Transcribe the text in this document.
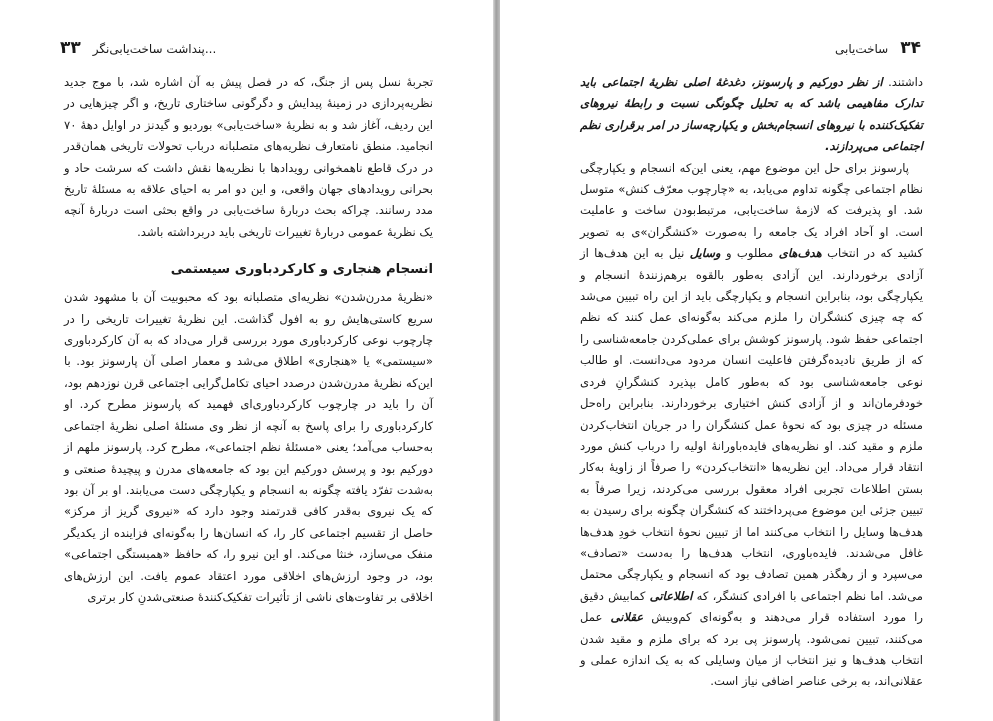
۳۳ پنداشت ساخت‌یابی‌نگر...

تجربهٔ نسل پس از جنگ، که در فصل پیش به آن اشاره شد، با موج جدید نظریه‌پردازی در زمینهٔ پیدایش و دگرگونی ساختاری تاریخ، و اگر چیزهایی در این ردیف، آغاز شد و به نظریهٔ «ساخت‌یابی» بوردیو و گیدنز در اوایل دههٔ ۷۰ انجامید. منطق نامتعارف نظریه‌های متصلبانه درباب تحولات تاریخی همان‌قدر در درک قاطع ناهمخوانی رویدادها با نظریه‌ها نقش داشت که سرشت حاد و بحرانی رویدادهای جهان واقعی، و این دو امر به احیای علاقه به مسئلهٔ تاریخ مدد رسانند. چراکه بحث دربارهٔ ساخت‌یابی در واقع بحثی است دربارهٔ آنچه یک نظریهٔ عمومی دربارهٔ تغییرات تاریخی باید دربرداشته باشد.

انسجام هنجاری و کارکردباوری سیستمی

«نظریهٔ مدرن‌شدن» نظریه‌ای متصلبانه بود که محبوبیت آن با مشهود شدن سریع کاستی‌هایش رو به افول گذاشت. این نظریهٔ تغییرات تاریخی را در چارچوب نوعی کارکردباوری مورد بررسی قرار می‌داد که به آن کارکردباوری «سیستمی» یا «هنجاری» اطلاق می‌شد و معمار اصلی آن پارسونز بود. با این‌که نظریهٔ مدرن‌شدن درصدد احیای تکامل‌گرایی اجتماعی قرن نوزدهم بود، آن را باید در چارچوب کارکردباوری‌ای فهمید که پارسونز مطرح کرد. او کارکردباوری را برای پاسخ به آنچه از نظر وی مسئلهٔ اصلی نظریهٔ اجتماعی به‌حساب می‌آمد؛ یعنی «مسئلهٔ نظم اجتماعی»، مطرح کرد. پارسونز ملهم از دورکیم بود و پرسش دورکیم این بود که جامعه‌های مدرن و پیچیدهٔ صنعتی و به‌شدت تفرّد یافته چگونه به انسجام و یکپارچگی دست می‌یابند. او بر آن بود که یک نیروی به‌قدر کافی قدرتمند وجود دارد که «نیروی گریز از مرکز» حاصل از تقسیم اجتماعی کار را، که انسان‌ها را به‌گونه‌ای فزاینده از یکدیگر منفک می‌سازد، خنثا می‌کند. او این نیرو را، که حافظ «همبستگی اجتماعی» بود، در وجود ارزش‌های اخلاقی مورد اعتقاد عموم یافت. این ارزش‌های اخلاقی بر تفاوت‌های ناشی از تأثیرات تفکیک‌کنندهٔ صنعتی‌شدنِ کار برتری

ساخت‌یابی ۳۴

داشتند. از نظر دورکیم و پارسونز، دغدغهٔ اصلی نظریهٔ اجتماعی باید تدارک مفاهیمی باشد که به تحلیل چگونگی نسبت و رابطهٔ نیروهای تفکیک‌کننده با نیروهای انسجام‌بخش و یکپارچه‌ساز در امر برقراری نظم اجتماعی می‌پردازند.

پارسونز برای حل این موضوع مهم، یعنی این‌که انسجام و یکپارچگی نظام اجتماعی چگونه تداوم می‌یابد، به «چارچوب معرّف کنش» متوسل شد. او پذیرفت که لازمهٔ ساخت‌یابی، مرتبط‌بودن ساخت و عاملیت است. او آحاد افراد یک جامعه را به‌صورت «کنشگران»ی به تصویر کشید که در انتخاب هدف‌های مطلوب و وسایل نیل به این هدف‌ها از آزادی برخوردارند. این آزادی به‌طور بالقوه برهم‌زنندهٔ انسجام و یکپارچگی بود، بنابراین انسجام و یکپارچگی باید از این راه تبیین می‌شد که چه چیزی کنشگران را ملزم می‌کند به‌گونه‌ای عمل کنند که نظم اجتماعی حفظ شود. پارسونز کوشش برای عملی‌کردن جامعه‌شناسی را که از طریق نادیده‌گرفتن فاعلیت انسان مردود می‌دانست. او طالب نوعی جامعه‌شناسی بود که به‌طور کامل بپذیرد کنشگرانِ فردی خودفرمان‌اند و از آزادی کنش اختیاری برخوردارند. بنابراین راه‌حل مسئله در چیزی بود که نحوهٔ عمل کنشگران را در جریان انتخاب‌کردن ملزم و مقید کند. او نظریه‌های فایده‌باورانهٔ اولیه را درباب کنش مورد انتقاد قرار می‌داد. این نظریه‌ها «انتخاب‌کردن» را صرفاً از زاویهٔ به‌کار بستن اطلاعات تجربی افراد معقول بررسی می‌کردند، زیرا صرفاً به تبیین جزئی این موضوع می‌پرداختند که کنشگران چگونه برای رسیدن به هدف‌ها وسایل را انتخاب می‌کنند اما از تبیین نحوهٔ انتخاب خودِ هدف‌ها غافل می‌شدند. فایده‌باوری، انتخاب هدف‌ها را به‌دست «تصادف» می‌سپرد و از رهگذر همین تصادف بود که انسجام و یکپارچگی محتمل می‌شد. اما نظم اجتماعی با افرادی کنشگر، که اطلاعاتی کمابیش دقیق را مورد استفاده قرار می‌دهند و به‌گونه‌ای کم‌وبیش عقلانی عمل می‌کنند، تبیین نمی‌شود. پارسونز پی برد که برای ملزم و مقید شدن انتخاب هدف‌ها و نیز انتخاب از میان وسایلی که به یک اندازه عملی و عقلانی‌اند، به برخی عناصر اضافی نیاز است.
